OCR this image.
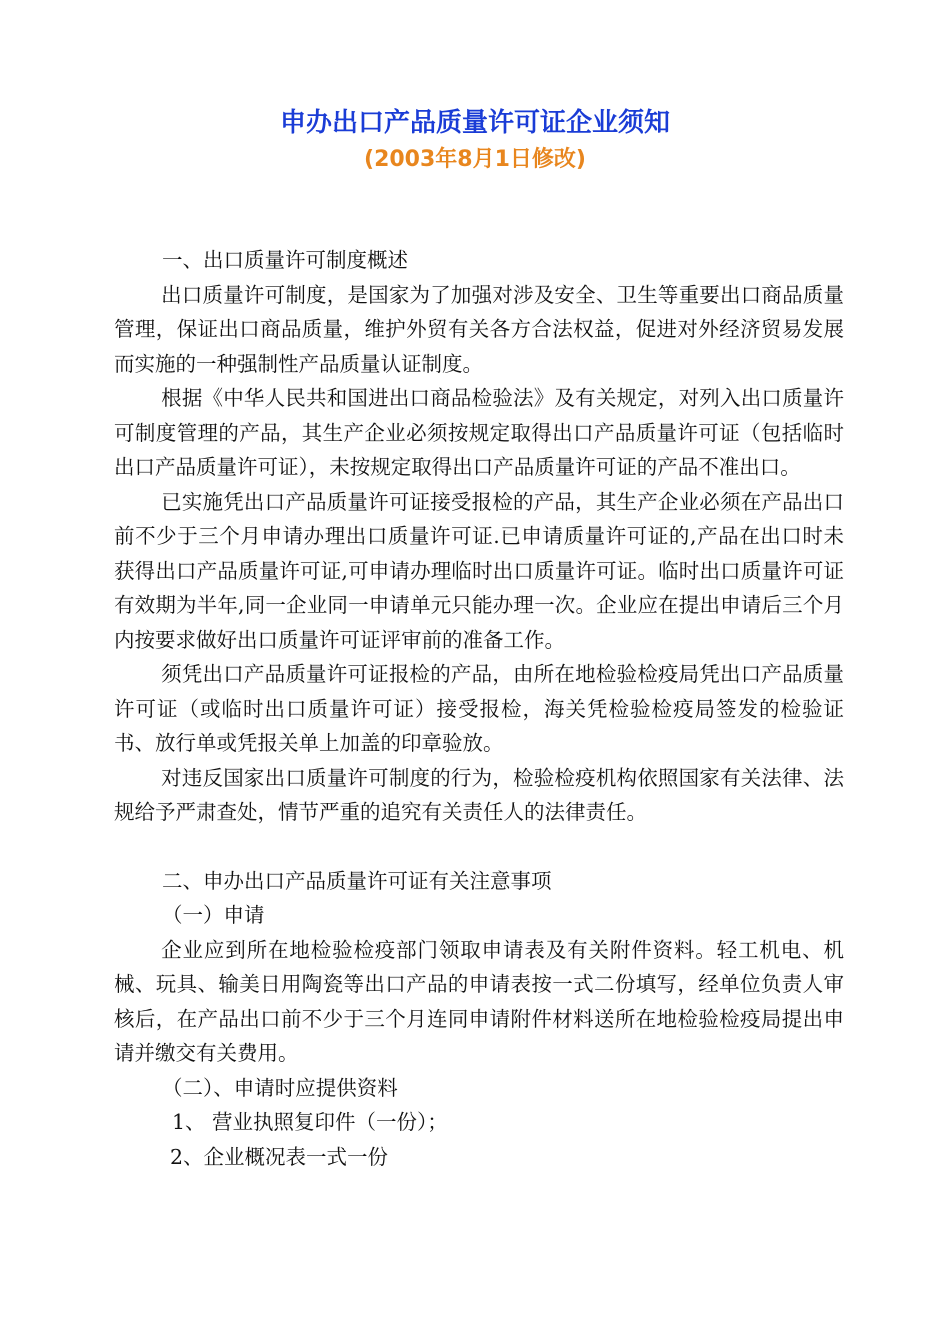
申办出口产品质量许可证企业须知
(2003年8月1日修改)

一、出口质量许可制度概述

出口质量许可制度，是国家为了加强对涉及安全、卫生等重要出口商品质量管理，保证出口商品质量，维护外贸有关各方合法权益，促进对外经济贸易发展而实施的一种强制性产品质量认证制度。

根据《中华人民共和国进出口商品检验法》及有关规定，对列入出口质量许可制度管理的产品，其生产企业必须按规定取得出口产品质量许可证（包括临时出口产品质量许可证），未按规定取得出口产品质量许可证的产品不准出口。

已实施凭出口产品质量许可证接受报检的产品，其生产企业必须在产品出口前不少于三个月申请办理出口质量许可证.已申请质量许可证的,产品在出口时未获得出口产品质量许可证,可申请办理临时出口质量许可证。临时出口质量许可证有效期为半年,同一企业同一申请单元只能办理一次。企业应在提出申请后三个月内按要求做好出口质量许可证评审前的准备工作。

须凭出口产品质量许可证报检的产品，由所在地检验检疫局凭出口产品质量许可证（或临时出口质量许可证）接受报检，海关凭检验检疫局签发的检验证书、放行单或凭报关单上加盖的印章验放。

对违反国家出口质量许可制度的行为，检验检疫机构依照国家有关法律、法规给予严肃查处，情节严重的追究有关责任人的法律责任。

二、申办出口产品质量许可证有关注意事项

（一）申请

企业应到所在地检验检疫部门领取申请表及有关附件资料。轻工机电、机械、玩具、输美日用陶瓷等出口产品的申请表按一式二份填写，经单位负责人审核后，在产品出口前不少于三个月连同申请附件材料送所在地检验检疫局提出申请并缴交有关费用。

（二）、申请时应提供资料

1、 营业执照复印件（一份）；

2、企业概况表一式一份
